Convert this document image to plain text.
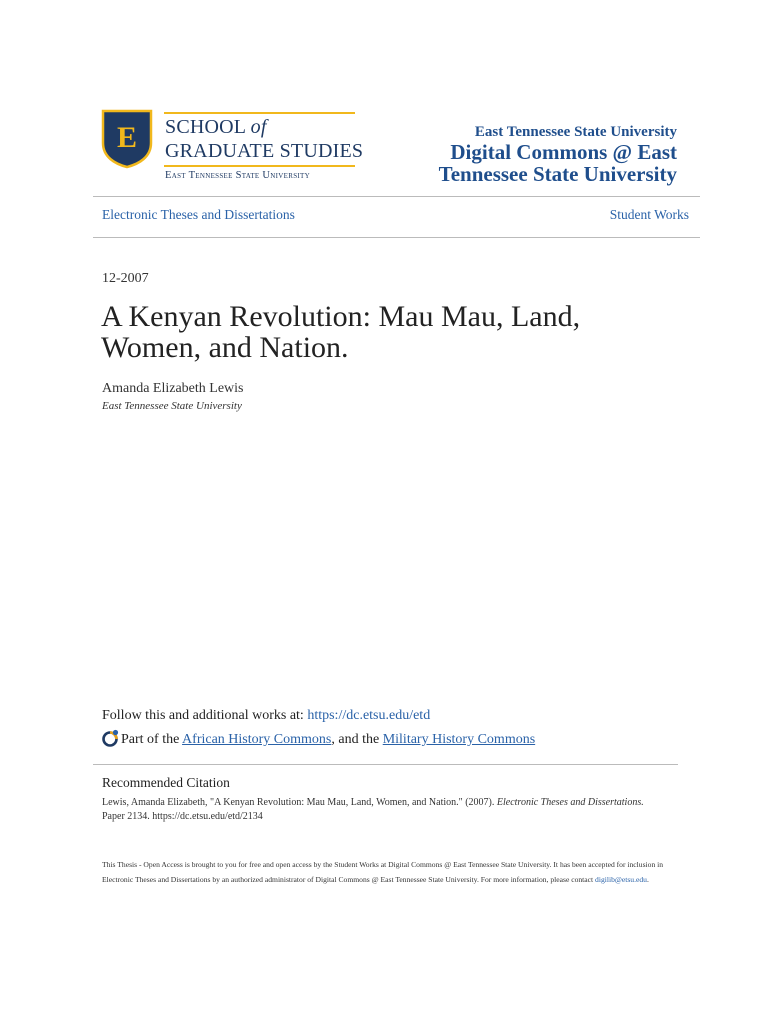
E SCHOOL of
GRADUATE STUDIES
East Tennessee State University
East Tennessee State University
Digital Commons @ East Tennessee State University
Electronic Theses and Dissertations	Student Works
12-2007
A Kenyan Revolution: Mau Mau, Land, Women, and Nation.
Amanda Elizabeth Lewis
East Tennessee State University
Follow this and additional works at: https://dc.etsu.edu/etd
Part of the African History Commons, and the Military History Commons
Recommended Citation
Lewis, Amanda Elizabeth, "A Kenyan Revolution: Mau Mau, Land, Women, and Nation." (2007). Electronic Theses and Dissertations. Paper 2134. https://dc.etsu.edu/etd/2134
This Thesis - Open Access is brought to you for free and open access by the Student Works at Digital Commons @ East Tennessee State University. It has been accepted for inclusion in Electronic Theses and Dissertations by an authorized administrator of Digital Commons @ East Tennessee State University. For more information, please contact digilib@etsu.edu.
